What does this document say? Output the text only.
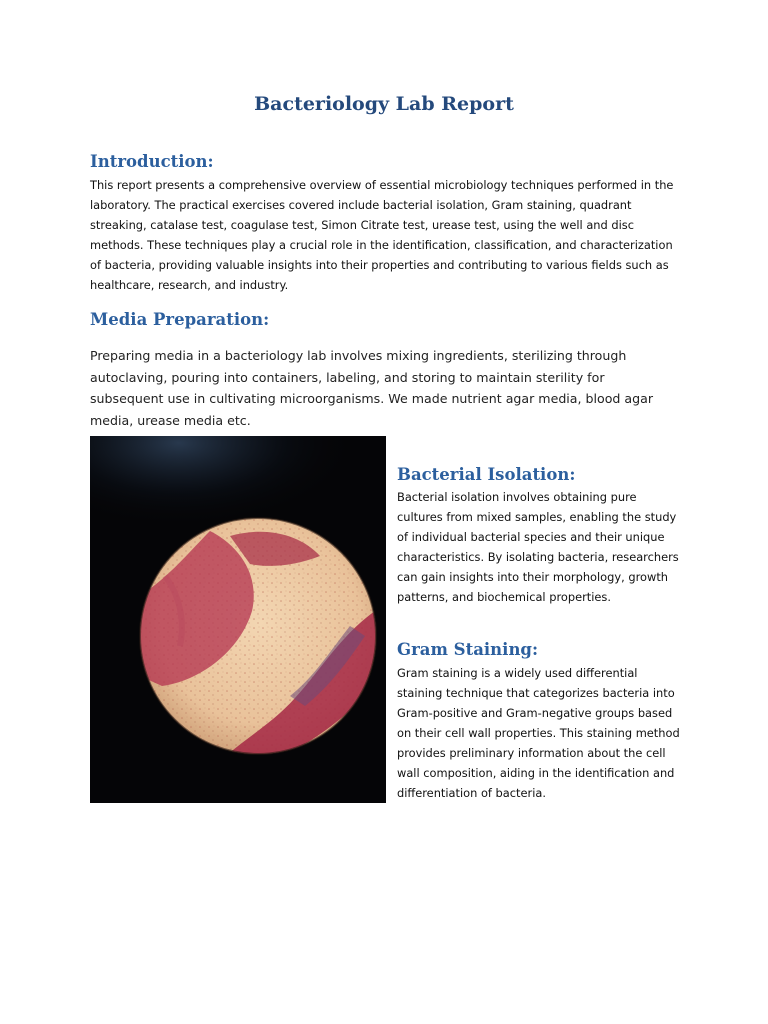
Bacteriology Lab Report
Introduction:

This report presents a comprehensive overview of essential microbiology techniques performed in the laboratory. The practical exercises covered include bacterial isolation, Gram staining, quadrant streaking, catalase test, coagulase test, Simon Citrate test, urease test, using the well and disc methods. These techniques play a crucial role in the identification, classification, and characterization of bacteria, providing valuable insights into their properties and contributing to various fields such as healthcare, research, and industry.

Media Preparation:

Preparing media in a bacteriology lab involves mixing ingredients, sterilizing through autoclaving, pouring into containers, labeling, and storing to maintain sterility for subsequent use in cultivating microorganisms. We made nutrient agar media, blood agar media, urease media etc.

Bacterial Isolation:

Bacterial isolation involves obtaining pure cultures from mixed samples, enabling the study of individual bacterial species and their unique characteristics. By isolating bacteria, researchers can gain insights into their morphology, growth patterns, and biochemical properties.

Gram Staining:

Gram staining is a widely used differential staining technique that categorizes bacteria into Gram-positive and Gram-negative groups based on their cell wall properties. This staining method provides preliminary information about the cell wall composition, aiding in the identification and differentiation of bacteria.
